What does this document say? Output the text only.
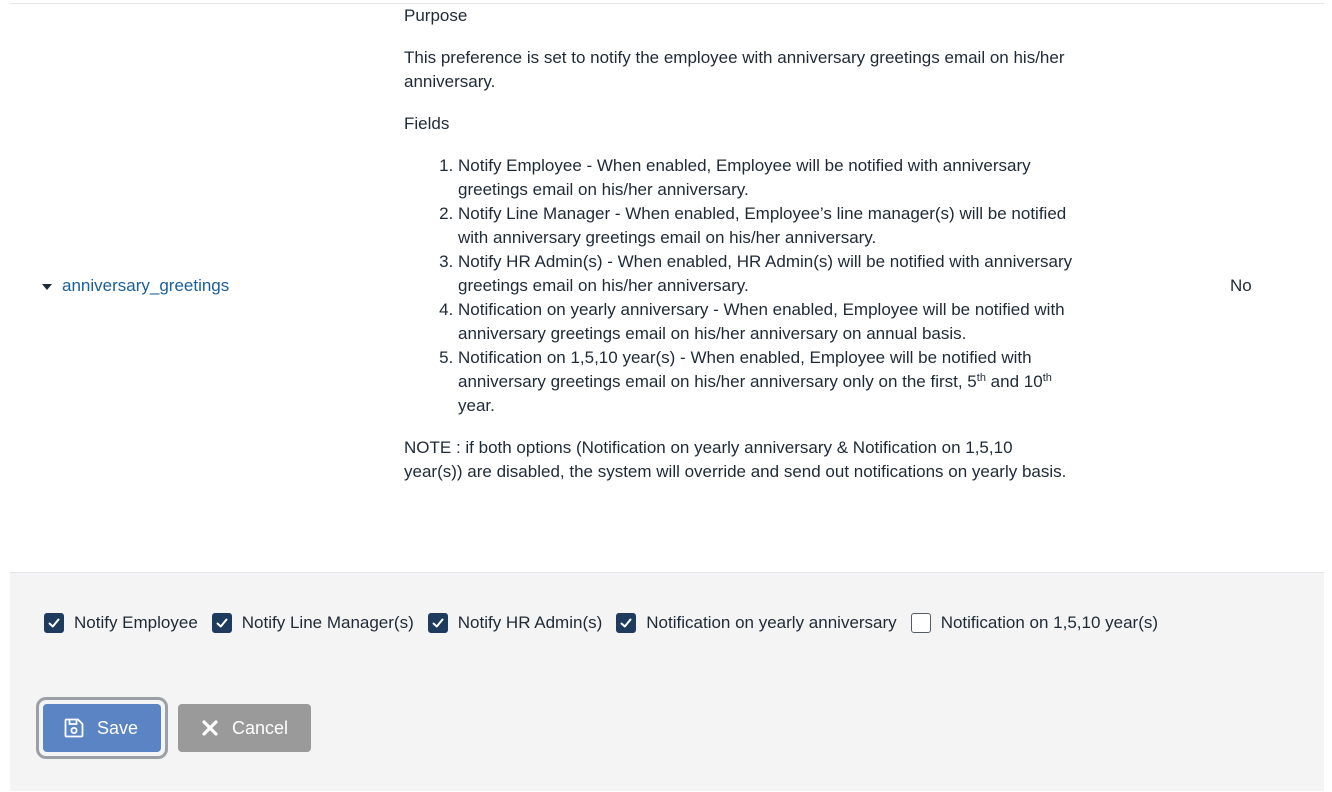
anniversary_greetings

Purpose

This preference is set to notify the employee with anniversary greetings email on his/her anniversary.

Fields

1. Notify Employee - When enabled, Employee will be notified with anniversary greetings email on his/her anniversary.
2. Notify Line Manager - When enabled, Employee’s line manager(s) will be notified with anniversary greetings email on his/her anniversary.
3. Notify HR Admin(s) - When enabled, HR Admin(s) will be notified with anniversary greetings email on his/her anniversary.
4. Notification on yearly anniversary - When enabled, Employee will be notified with anniversary greetings email on his/her anniversary on annual basis.
5. Notification on 1,5,10 year(s) - When enabled, Employee will be notified with anniversary greetings email on his/her anniversary only on the first, 5th and 10th year.

NOTE : if both options (Notification on yearly anniversary & Notification on 1,5,10 year(s)) are disabled, the system will override and send out notifications on yearly basis.

No
Notify Employee	Notify Line Manager(s)	Notify HR Admin(s)	Notification on yearly anniversary	Notification on 1,5,10 year(s)
Save	Cancel
